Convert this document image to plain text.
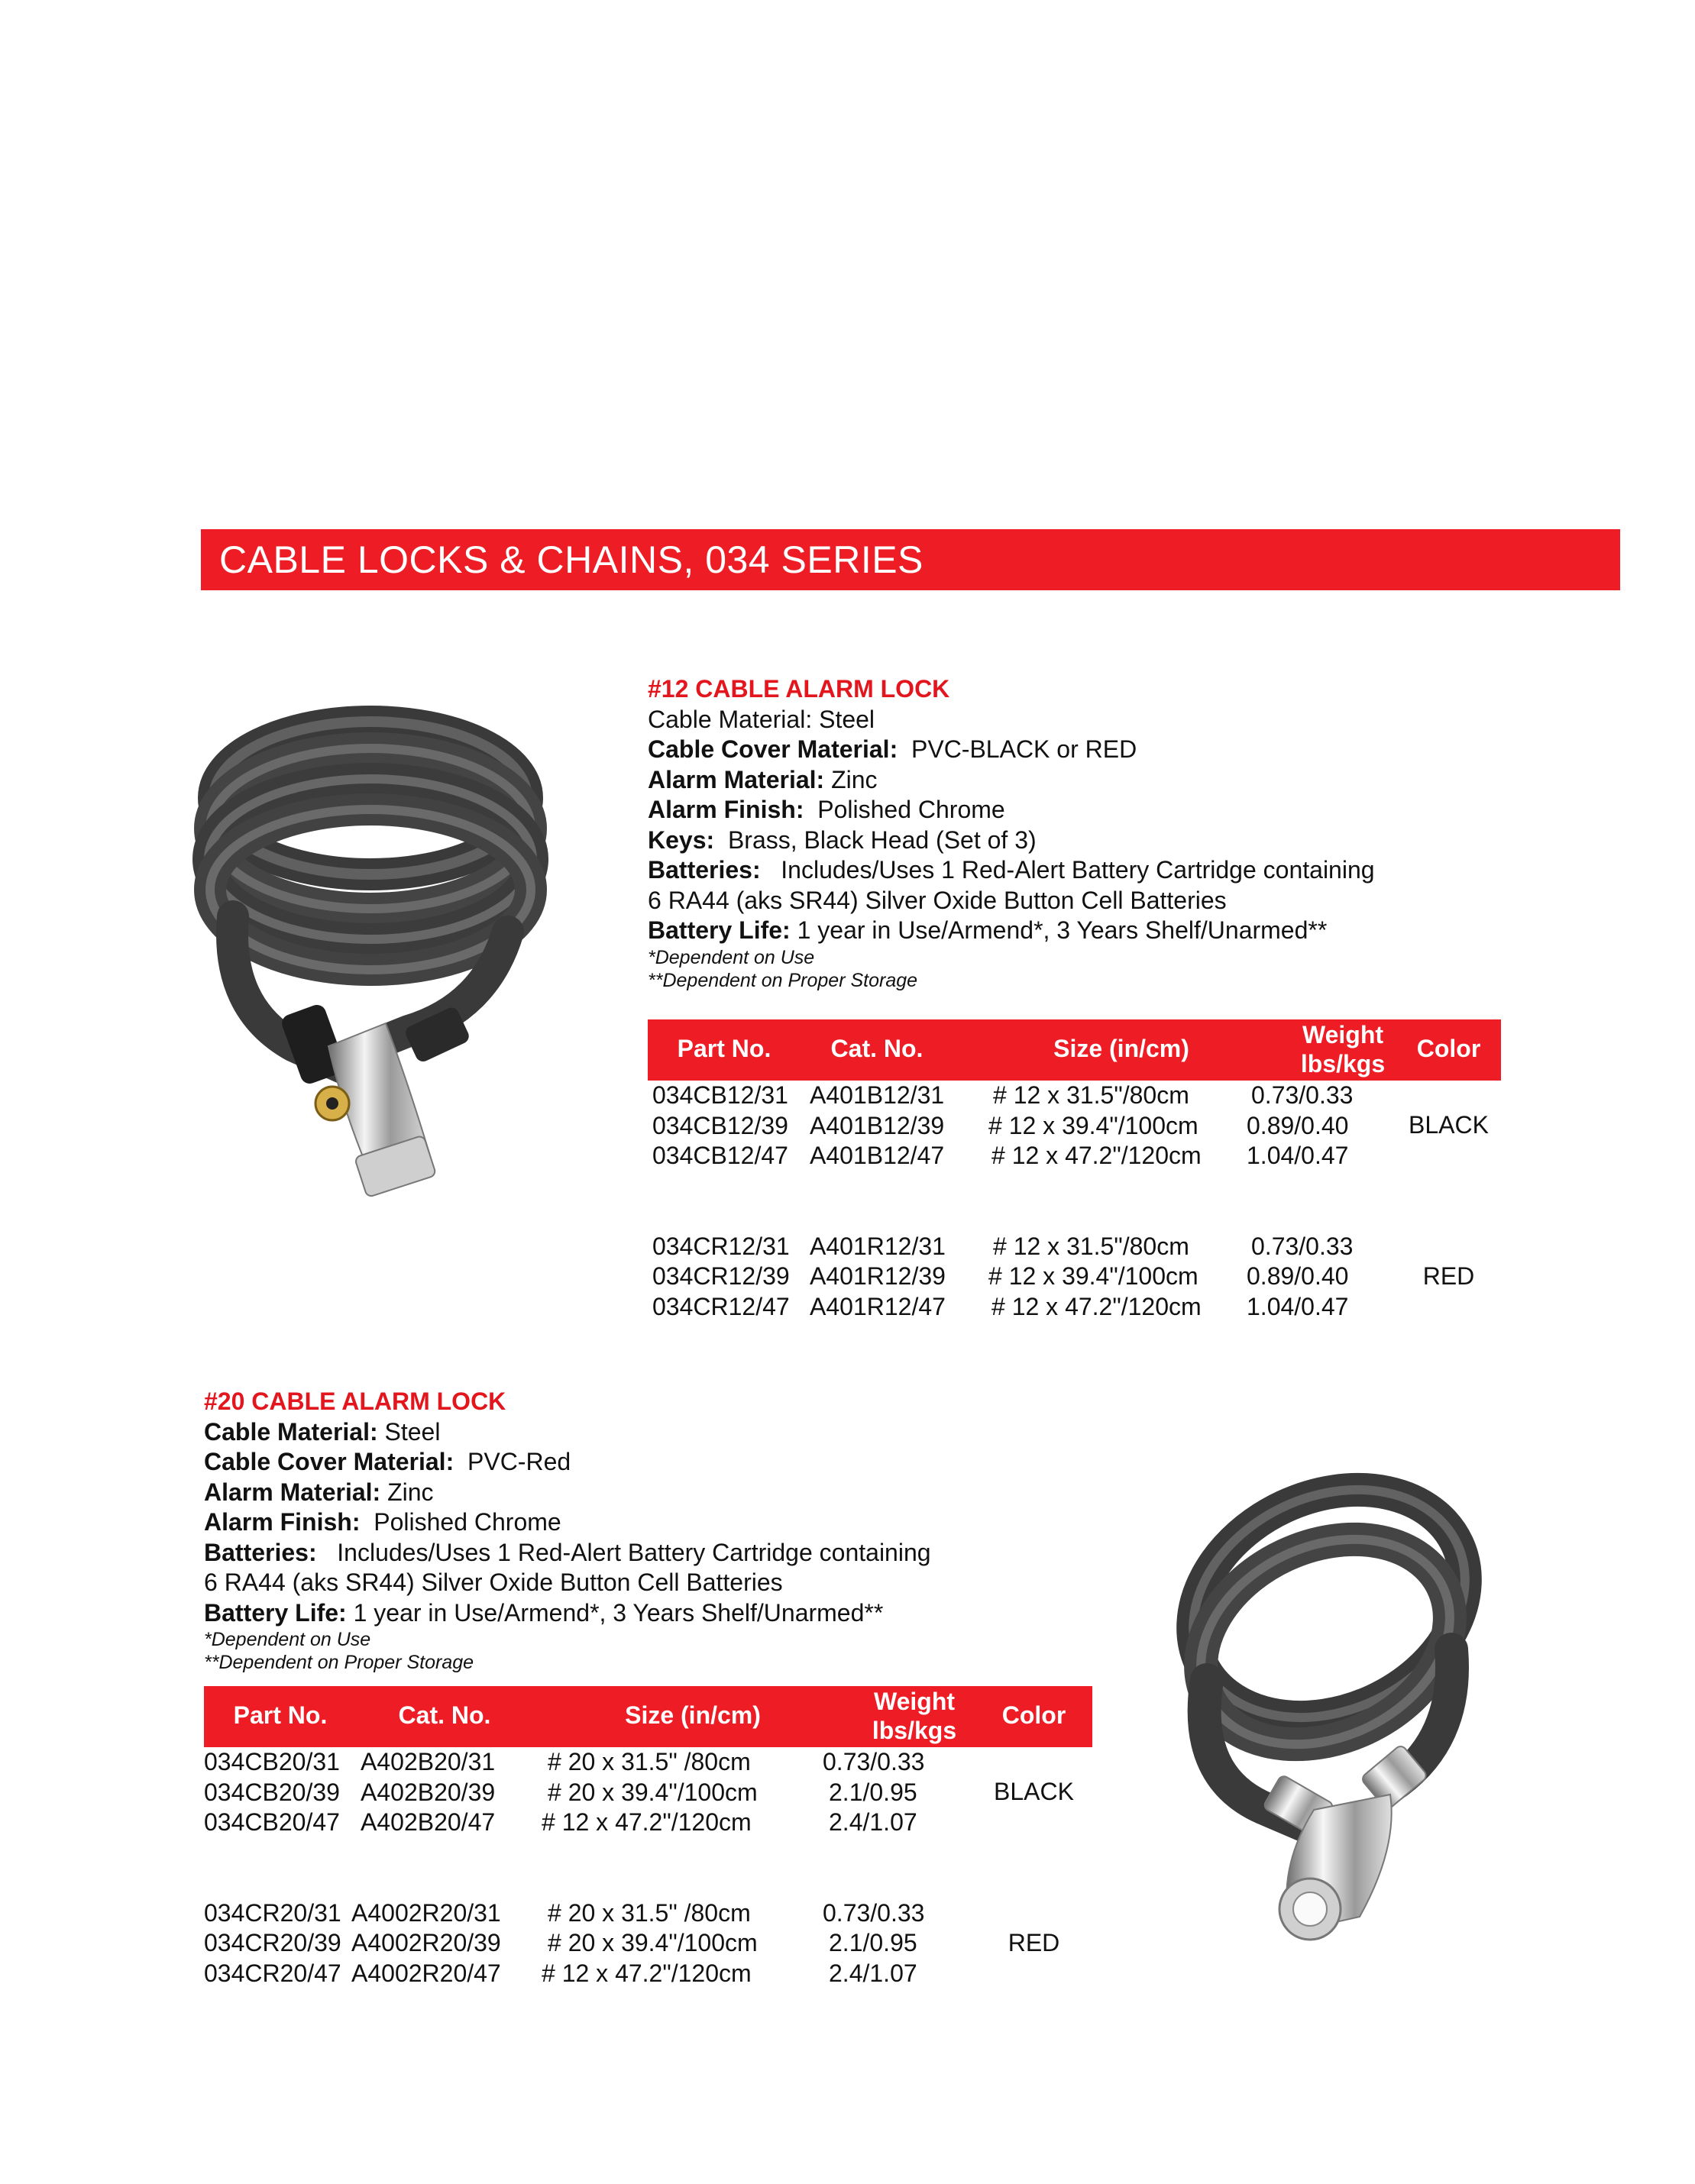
CABLE LOCKS & CHAINS, 034 SERIES
#12 CABLE ALARM LOCK
Cable Material: Steel
Cable Cover Material: PVC-BLACK or RED
Alarm Material: Zinc
Alarm Finish: Polished Chrome
Keys: Brass, Black Head (Set of 3)
Batteries: Includes/Uses 1 Red-Alert Battery Cartridge containing
6 RA44 (aks SR44) Silver Oxide Button Cell Batteries
Battery Life: 1 year in Use/Armend*, 3 Years Shelf/Unarmed**
*Dependent on Use
**Dependent on Proper Storage
Part No.	Cat. No.	Size (in/cm)	Weight
lbs/kgs
Color
034CB12/31 A401B12/31 # 12 x 31.5"/80cm	0.73/0.33
034CB12/39 A401B12/39 # 12 x 39.4"/100cm 0.89/0.40
034CB12/47 A401B12/47 # 12 x 47.2"/120cm 1.04/0.47
BLACK
034CR12/31 A401R12/31 # 12 x 31.5"/80cm	0.73/0.33
034CR12/39 A401R12/39 # 12 x 39.4"/100cm 0.89/0.40
034CR12/47 A401R12/47 # 12 x 47.2"/120cm 1.04/0.47
RED
#20 CABLE ALARM LOCK
Cable Material: Steel
Cable Cover Material: PVC-Red
Alarm Material: Zinc
Alarm Finish: Polished Chrome
Batteries: Includes/Uses 1 Red-Alert Battery Cartridge containing
6 RA44 (aks SR44) Silver Oxide Button Cell Batteries
Battery Life: 1 year in Use/Armend*, 3 Years Shelf/Unarmed**
*Dependent on Use
**Dependent on Proper Storage
Part No.	Cat. No.	Size (in/cm)	Weight
lbs/kgs
Color
034CB20/31 A402B20/31 # 20 x 31.5" /80cm	0.73/0.33
034CB20/39 A402B20/39 # 20 x 39.4"/100cm	2.1/0.95
034CB20/47 A402B20/47 # 12 x 47.2"/120cm	2.4/1.07
BLACK
034CR20/31 A4002R20/31 # 20 x 31.5" /80cm	0.73/0.33
034CR20/39 A4002R20/39 # 20 x 39.4"/100cm	2.1/0.95
034CR20/47 A4002R20/47 # 12 x 47.2"/120cm	2.4/1.07
RED
